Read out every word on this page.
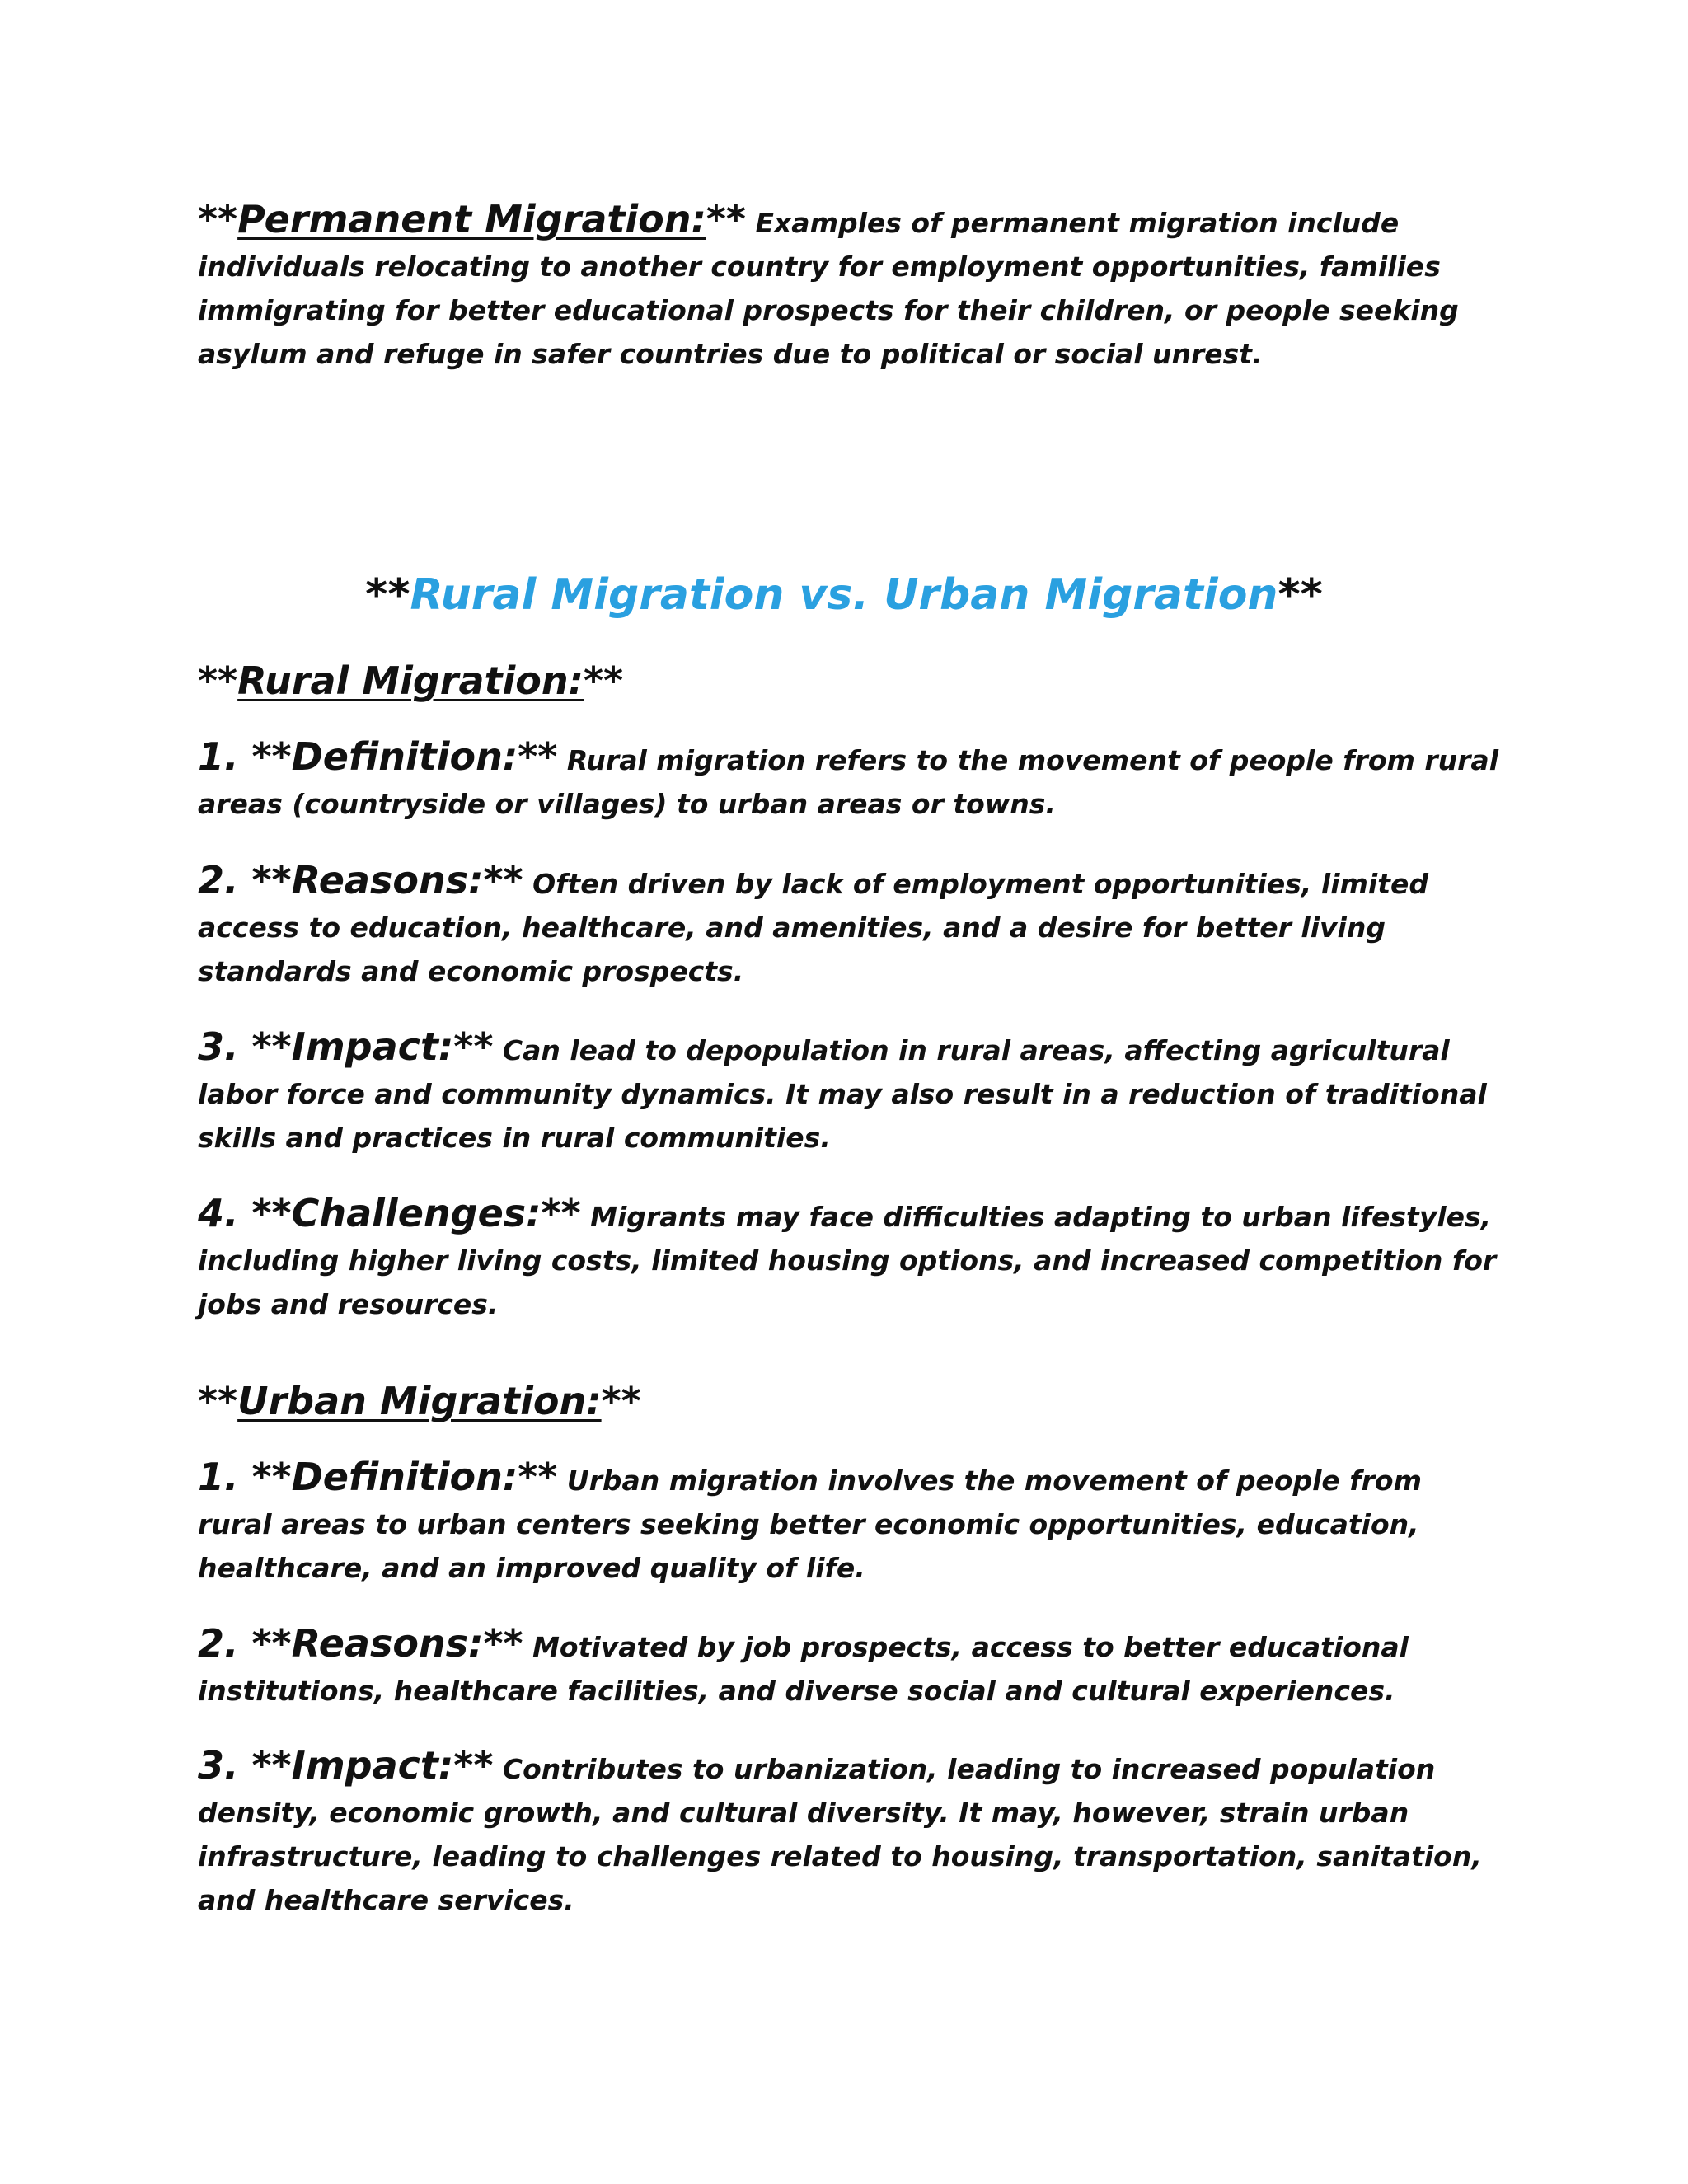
**Permanent Migration:** Examples of permanent migration include individuals relocating to another country for employment opportunities, families immigrating for better educational prospects for their children, or people seeking asylum and refuge in safer countries due to political or social unrest.

**Rural Migration vs. Urban Migration**

**Rural Migration:**

1. **Definition:** Rural migration refers to the movement of people from rural areas (countryside or villages) to urban areas or towns.

2. **Reasons:** Often driven by lack of employment opportunities, limited access to education, healthcare, and amenities, and a desire for better living standards and economic prospects.

3. **Impact:** Can lead to depopulation in rural areas, affecting agricultural labor force and community dynamics. It may also result in a reduction of traditional skills and practices in rural communities.

4. **Challenges:** Migrants may face difficulties adapting to urban lifestyles, including higher living costs, limited housing options, and increased competition for jobs and resources.

**Urban Migration:**

1. **Definition:** Urban migration involves the movement of people from rural areas to urban centers seeking better economic opportunities, education, healthcare, and an improved quality of life.

2. **Reasons:** Motivated by job prospects, access to better educational institutions, healthcare facilities, and diverse social and cultural experiences.

3. **Impact:** Contributes to urbanization, leading to increased population density, economic growth, and cultural diversity. It may, however, strain urban infrastructure, leading to challenges related to housing, transportation, sanitation, and healthcare services.
